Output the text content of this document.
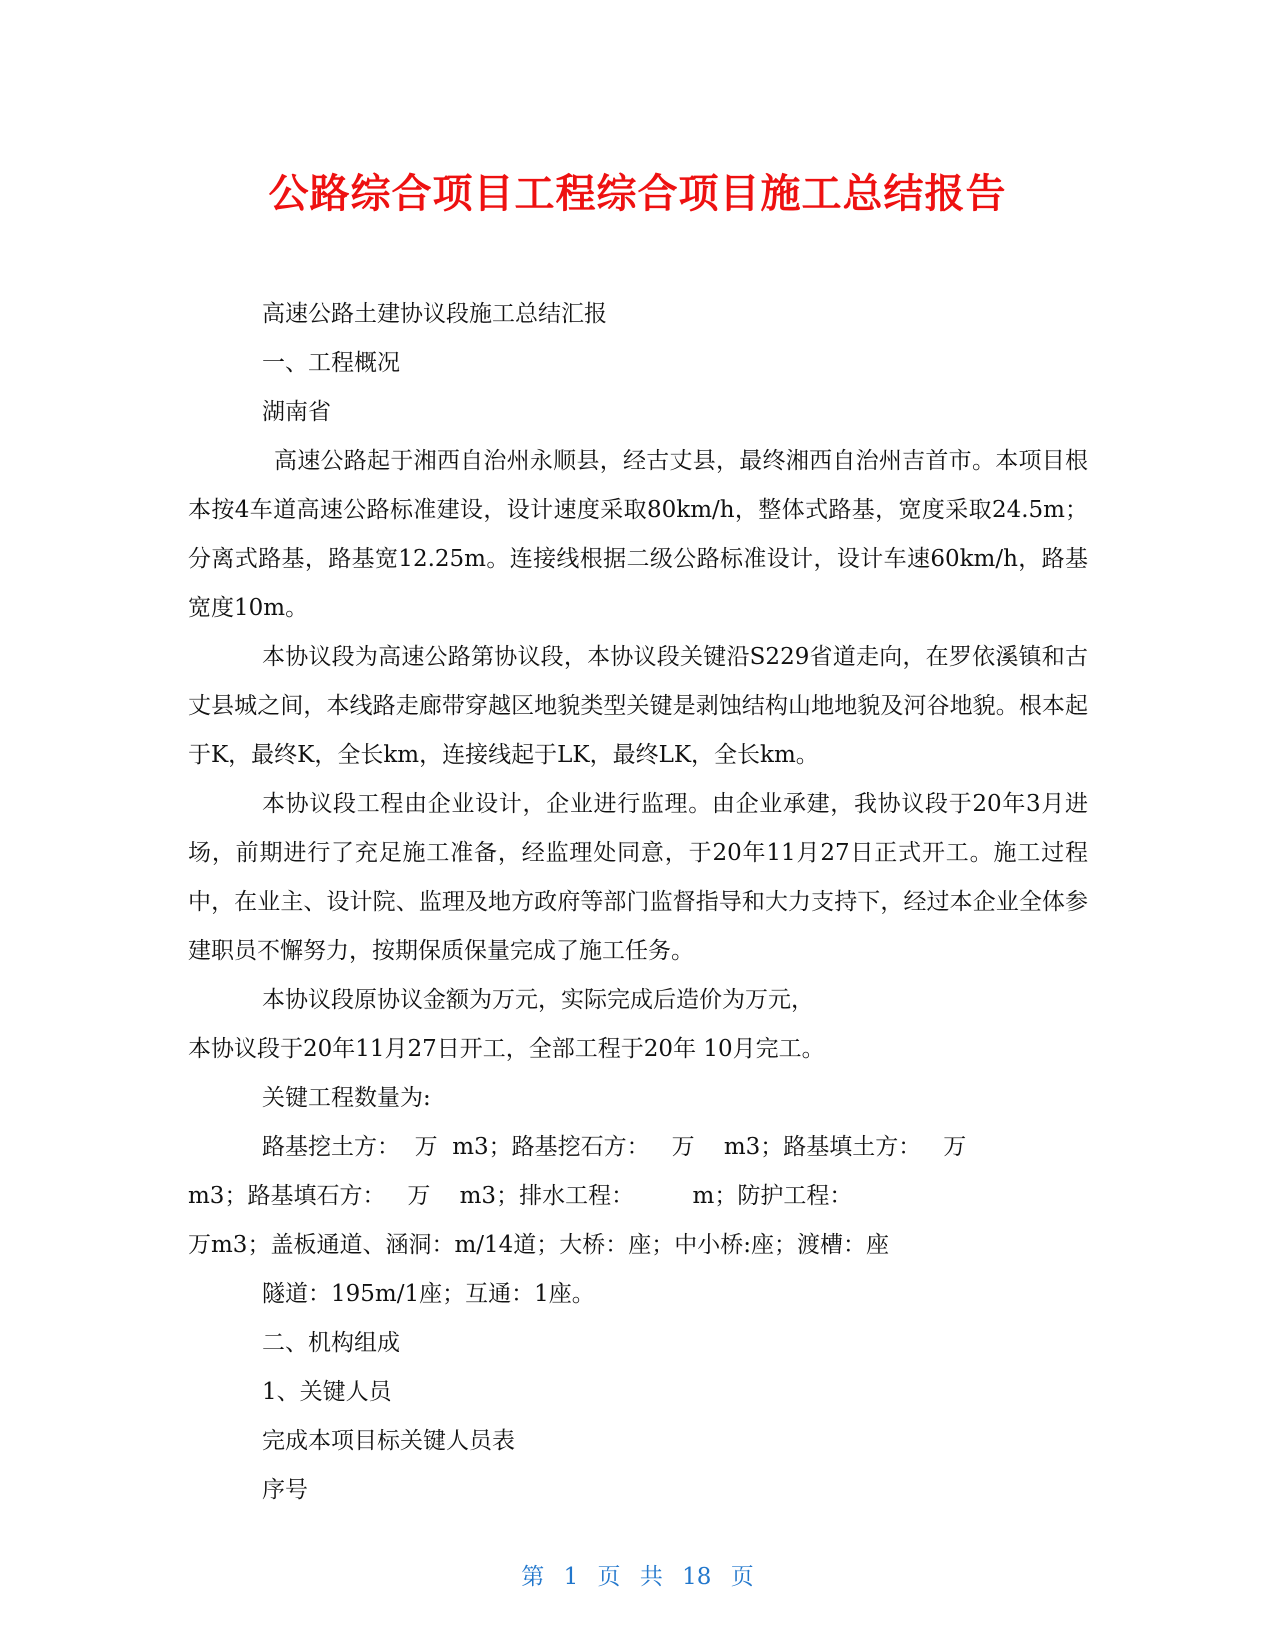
公路综合项目工程综合项目施工总结报告

高速公路土建协议段施工总结汇报

一、工程概况

湖南省

高速公路起于湘西自治州永顺县，经古丈县，最终湘西自治州吉首市。本项目根本按4车道高速公路标准建设，设计速度采取80km/h，整体式路基，宽度采取24.5m；分离式路基，路基宽12.25m。连接线根据二级公路标准设计，设计车速60km/h，路基宽度10m。

本协议段为高速公路第协议段，本协议段关键沿S229省道走向，在罗依溪镇和古丈县城之间，本线路走廊带穿越区地貌类型关键是剥蚀结构山地地貌及河谷地貌。根本起于K，最终K，全长km，连接线起于LK，最终LK，全长km。

本协议段工程由企业设计，企业进行监理。由企业承建，我协议段于20年3月进场，前期进行了充足施工准备，经监理处同意，于20年11月27日正式开工。施工过程中，在业主、设计院、监理及地方政府等部门监督指导和大力支持下，经过本企业全体参建职员不懈努力，按期保质保量完成了施工任务。

本协议段原协议金额为万元，实际完成后造价为万元，

本协议段于20年11月27日开工，全部工程于20年 10月完工。

关键工程数量为:

路基挖土方：  万  m3；路基挖石方：   万    m3；路基填土方：   万

m3；路基填石方：   万    m3；排水工程：        m；防护工程：

万m3；盖板通道、涵洞：m/14道；大桥：座；中小桥:座；渡槽：座

隧道：195m/1座；互通：1座。

二、机构组成

1、关键人员

完成本项目标关键人员表

序号

第 1 页 共 18 页
